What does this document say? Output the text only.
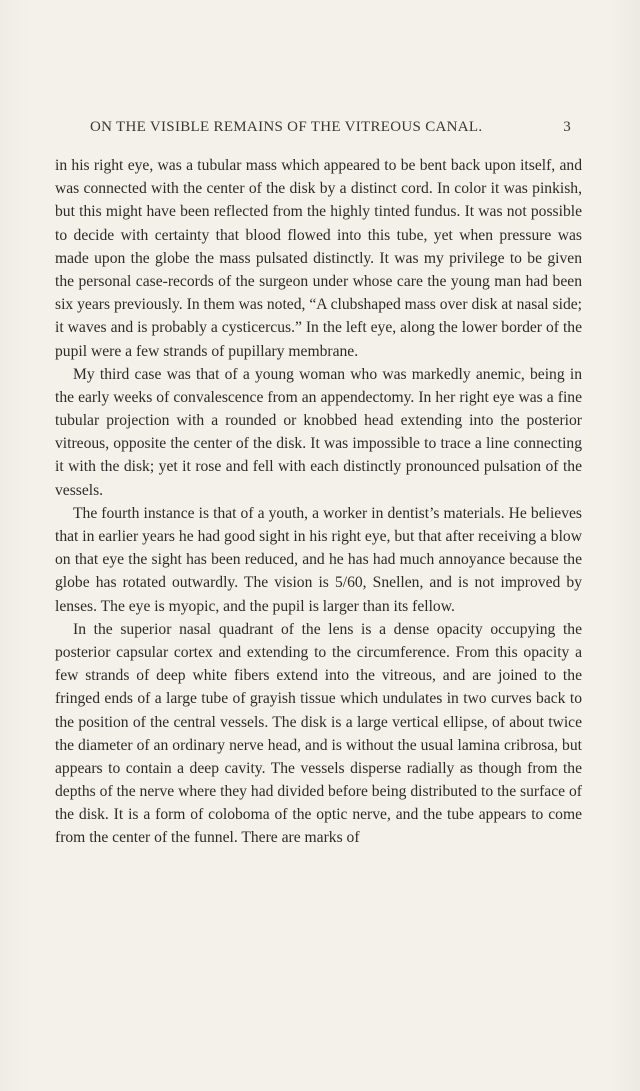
ON THE VISIBLE REMAINS OF THE VITREOUS CANAL.	3

in his right eye, was a tubular mass which appeared to be bent back upon itself, and was connected with the center of the disk by a distinct cord. In color it was pinkish, but this might have been reflected from the highly tinted fundus. It was not possible to decide with certainty that blood flowed into this tube, yet when pressure was made upon the globe the mass pulsated distinctly. It was my privilege to be given the personal case-records of the surgeon under whose care the young man had been six years previously. In them was noted, “A clubshaped mass over disk at nasal side; it waves and is probably a cysticercus.” In the left eye, along the lower border of the pupil were a few strands of pupillary membrane.

My third case was that of a young woman who was markedly anemic, being in the early weeks of convalescence from an appendectomy. In her right eye was a fine tubular projection with a rounded or knobbed head extending into the posterior vitreous, opposite the center of the disk. It was impossible to trace a line connecting it with the disk; yet it rose and fell with each distinctly pronounced pulsation of the vessels.

The fourth instance is that of a youth, a worker in dentist’s materials. He believes that in earlier years he had good sight in his right eye, but that after receiving a blow on that eye the sight has been reduced, and he has had much annoyance because the globe has rotated outwardly. The vision is 5/60, Snellen, and is not improved by lenses. The eye is myopic, and the pupil is larger than its fellow.

In the superior nasal quadrant of the lens is a dense opacity occupying the posterior capsular cortex and extending to the circumference. From this opacity a few strands of deep white fibers extend into the vitreous, and are joined to the fringed ends of a large tube of grayish tissue which undulates in two curves back to the position of the central vessels. The disk is a large vertical ellipse, of about twice the diameter of an ordinary nerve head, and is without the usual lamina cribrosa, but appears to contain a deep cavity. The vessels disperse radially as though from the depths of the nerve where they had divided before being distributed to the surface of the disk. It is a form of coloboma of the optic nerve, and the tube appears to come from the center of the funnel. There are marks of
